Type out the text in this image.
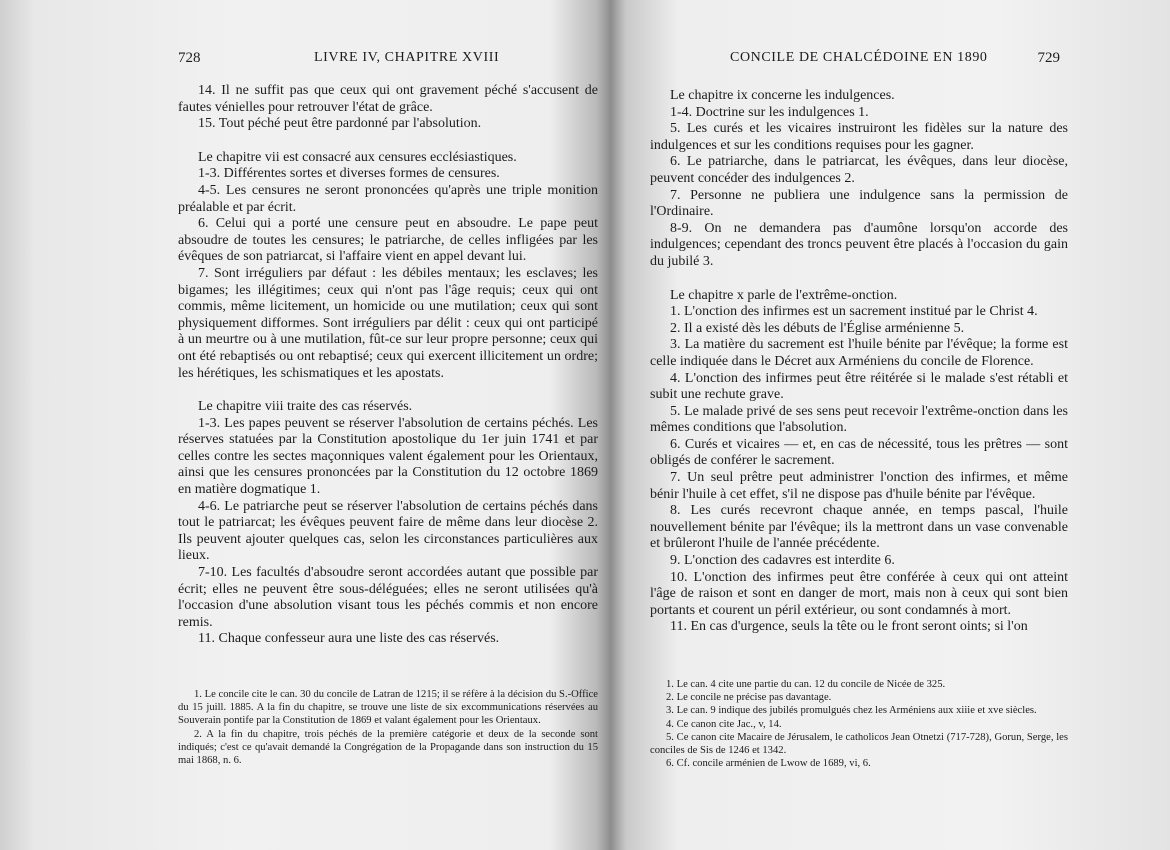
728	LIVRE IV, CHAPITRE XVIII

14. Il ne suffit pas que ceux qui ont gravement péché s'accusent de fautes vénielles pour retrouver l'état de grâce.

15. Tout péché peut être pardonné par l'absolution.

Le chapitre vii est consacré aux censures ecclésiastiques.

1-3. Différentes sortes et diverses formes de censures.

4-5. Les censures ne seront prononcées qu'après une triple monition préalable et par écrit.

6. Celui qui a porté une censure peut en absoudre. Le pape peut absoudre de toutes les censures; le patriarche, de celles infligées par les évêques de son patriarcat, si l'affaire vient en appel devant lui.

7. Sont irréguliers par défaut : les débiles mentaux; les esclaves; les bigames; les illégitimes; ceux qui n'ont pas l'âge requis; ceux qui ont commis, même licitement, un homicide ou une mutilation; ceux qui sont physiquement difformes. Sont irréguliers par délit : ceux qui ont participé à un meurtre ou à une mutilation, fût-ce sur leur propre personne; ceux qui ont été rebaptisés ou ont rebaptisé; ceux qui exercent illicitement un ordre; les hérétiques, les schismatiques et les apostats.

Le chapitre viii traite des cas réservés.

1-3. Les papes peuvent se réserver l'absolution de certains péchés. Les réserves statuées par la Constitution apostolique du 1er juin 1741 et par celles contre les sectes maçonniques valent également pour les Orientaux, ainsi que les censures prononcées par la Constitution du 12 octobre 1869 en matière dogmatique 1.

4-6. Le patriarche peut se réserver l'absolution de certains péchés dans tout le patriarcat; les évêques peuvent faire de même dans leur diocèse 2. Ils peuvent ajouter quelques cas, selon les circonstances particulières aux lieux.

7-10. Les facultés d'absoudre seront accordées autant que possible par écrit; elles ne peuvent être sous-déléguées; elles ne seront utilisées qu'à l'occasion d'une absolution visant tous les péchés commis et non encore remis.

11. Chaque confesseur aura une liste des cas réservés.

1. Le concile cite le can. 30 du concile de Latran de 1215; il se réfère à la décision du S.-Office du 15 juill. 1885. A la fin du chapitre, se trouve une liste de six excommunications réservées au Souverain pontife par la Constitution de 1869 et valant également pour les Orientaux.

2. A la fin du chapitre, trois péchés de la première catégorie et deux de la seconde sont indiqués; c'est ce qu'avait demandé la Congrégation de la Propagande dans son instruction du 15 mai 1868, n. 6.

CONCILE DE CHALCÉDOINE EN 1890	729

Le chapitre ix concerne les indulgences.

1-4. Doctrine sur les indulgences 1.

5. Les curés et les vicaires instruiront les fidèles sur la nature des indulgences et sur les conditions requises pour les gagner.

6. Le patriarche, dans le patriarcat, les évêques, dans leur diocèse, peuvent concéder des indulgences 2.

7. Personne ne publiera une indulgence sans la permission de l'Ordinaire.

8-9. On ne demandera pas d'aumône lorsqu'on accorde des indulgences; cependant des troncs peuvent être placés à l'occasion du gain du jubilé 3.

Le chapitre x parle de l'extrême-onction.

1. L'onction des infirmes est un sacrement institué par le Christ 4.

2. Il a existé dès les débuts de l'Église arménienne 5.

3. La matière du sacrement est l'huile bénite par l'évêque; la forme est celle indiquée dans le Décret aux Arméniens du concile de Florence.

4. L'onction des infirmes peut être réitérée si le malade s'est rétabli et subit une rechute grave.

5. Le malade privé de ses sens peut recevoir l'extrême-onction dans les mêmes conditions que l'absolution.

6. Curés et vicaires — et, en cas de nécessité, tous les prêtres — sont obligés de conférer le sacrement.

7. Un seul prêtre peut administrer l'onction des infirmes, et même bénir l'huile à cet effet, s'il ne dispose pas d'huile bénite par l'évêque.

8. Les curés recevront chaque année, en temps pascal, l'huile nouvellement bénite par l'évêque; ils la mettront dans un vase convenable et brûleront l'huile de l'année précédente.

9. L'onction des cadavres est interdite 6.

10. L'onction des infirmes peut être conférée à ceux qui ont atteint l'âge de raison et sont en danger de mort, mais non à ceux qui sont bien portants et courent un péril extérieur, ou sont condamnés à mort.

11. En cas d'urgence, seuls la tête ou le front seront oints; si l'on

1. Le can. 4 cite une partie du can. 12 du concile de Nicée de 325.

2. Le concile ne précise pas davantage.

3. Le can. 9 indique des jubilés promulgués chez les Arméniens aux xiiie et xve siècles.

4. Ce canon cite Jac., v, 14.

5. Ce canon cite Macaire de Jérusalem, le catholicos Jean Otnetzi (717-728), Gorun, Serge, les conciles de Sis de 1246 et 1342.

6. Cf. concile arménien de Lwow de 1689, vi, 6.
